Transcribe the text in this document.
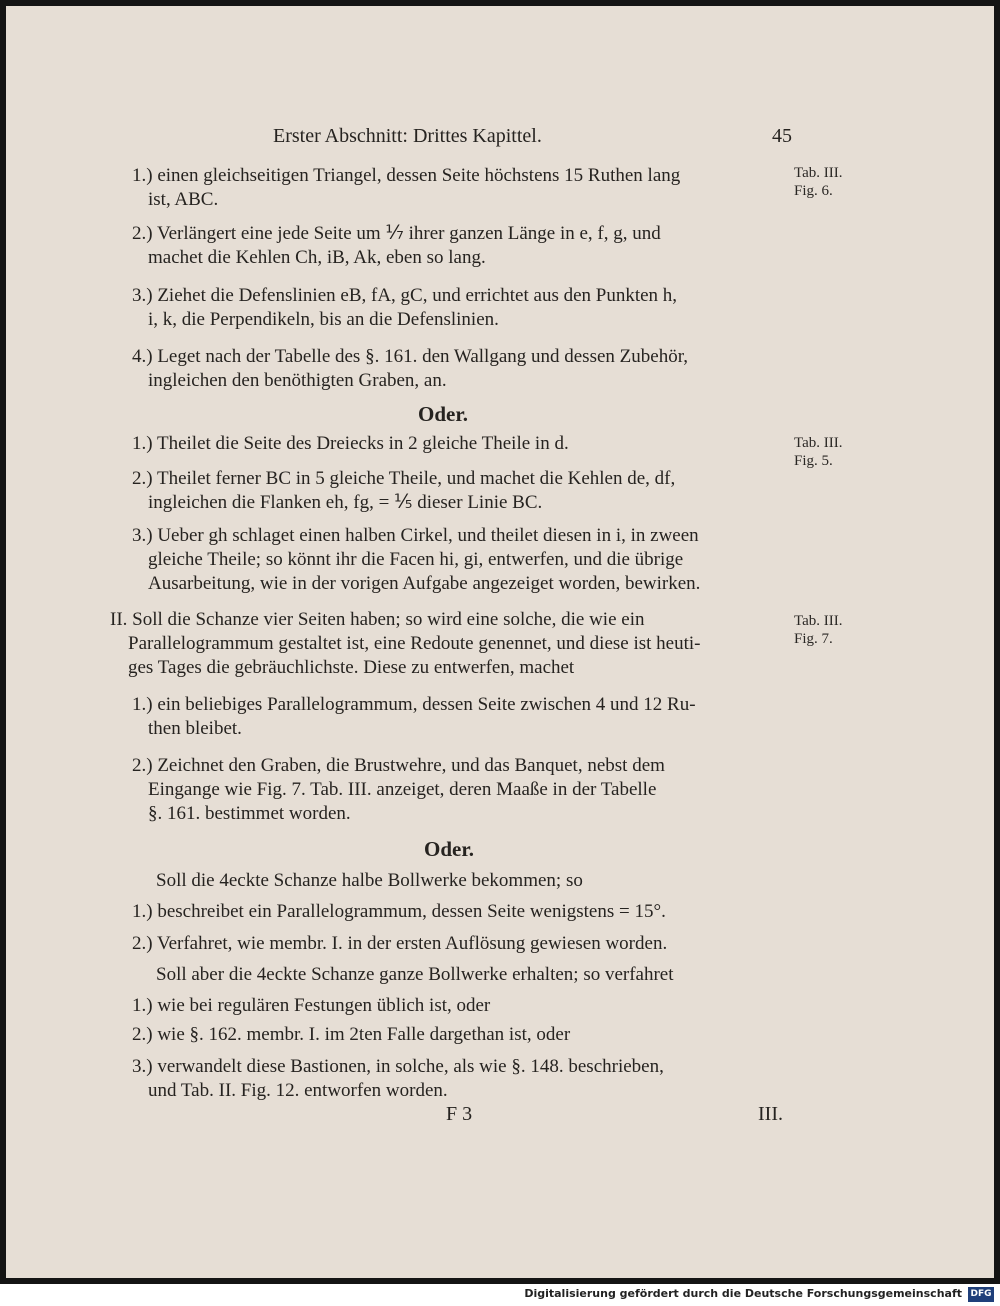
Erster Abschnitt: Drittes Kapittel.	45
1.) einen gleichseitigen Triangel, dessen Seite höchstens 15 Ruthen lang
ist, ABC.
2.) Verlängert eine jede Seite um ⅐ ihrer ganzen Länge in e, f, g, und
machet die Kehlen Ch, iB, Ak, eben so lang.
3.) Ziehet die Defenslinien eB, fA, gC, und errichtet aus den Punkten h,
i, k, die Perpendikeln, bis an die Defenslinien.
4.) Leget nach der Tabelle des §. 161. den Wallgang und dessen Zubehör,
ingleichen den benöthigten Graben, an.
Oder.
1.) Theilet die Seite des Dreiecks in 2 gleiche Theile in d.
2.) Theilet ferner BC in 5 gleiche Theile, und machet die Kehlen de, df,
ingleichen die Flanken eh, fg, = ⅕ dieser Linie BC.
3.) Ueber gh schlaget einen halben Cirkel, und theilet diesen in i, in zween
gleiche Theile; so könnt ihr die Facen hi, gi, entwerfen, und die übrige
Ausarbeitung, wie in der vorigen Aufgabe angezeiget worden, bewirken.
II. Soll die Schanze vier Seiten haben; so wird eine solche, die wie ein
Parallelogrammum gestaltet ist, eine Redoute genennet, und diese ist heuti-
ges Tages die gebräuchlichste. Diese zu entwerfen, machet
1.) ein beliebiges Parallelogrammum, dessen Seite zwischen 4 und 12 Ru-
then bleibet.
2.) Zeichnet den Graben, die Brustwehre, und das Banquet, nebst dem
Eingange wie Fig. 7. Tab. III. anzeiget, deren Maaße in der Tabelle
§. 161. bestimmet worden.
Oder.
Soll die 4eckte Schanze halbe Bollwerke bekommen; so
1.) beschreibet ein Parallelogrammum, dessen Seite wenigstens = 15°.
2.) Verfahret, wie membr. I. in der ersten Auflösung gewiesen worden.
Soll aber die 4eckte Schanze ganze Bollwerke erhalten; so verfahret
1.) wie bei regulären Festungen üblich ist, oder
2.) wie §. 162. membr. I. im 2ten Falle dargethan ist, oder
3.) verwandelt diese Bastionen, in solche, als wie §. 148. beschrieben,
und Tab. II. Fig. 12. entworfen worden.
F 3	III.
Tab. III.
Fig. 6.
Tab. III.
Fig. 5.
Tab. III.
Fig. 7.
Digitalisierung gefördert durch die Deutsche Forschungsgemeinschaft DFG
